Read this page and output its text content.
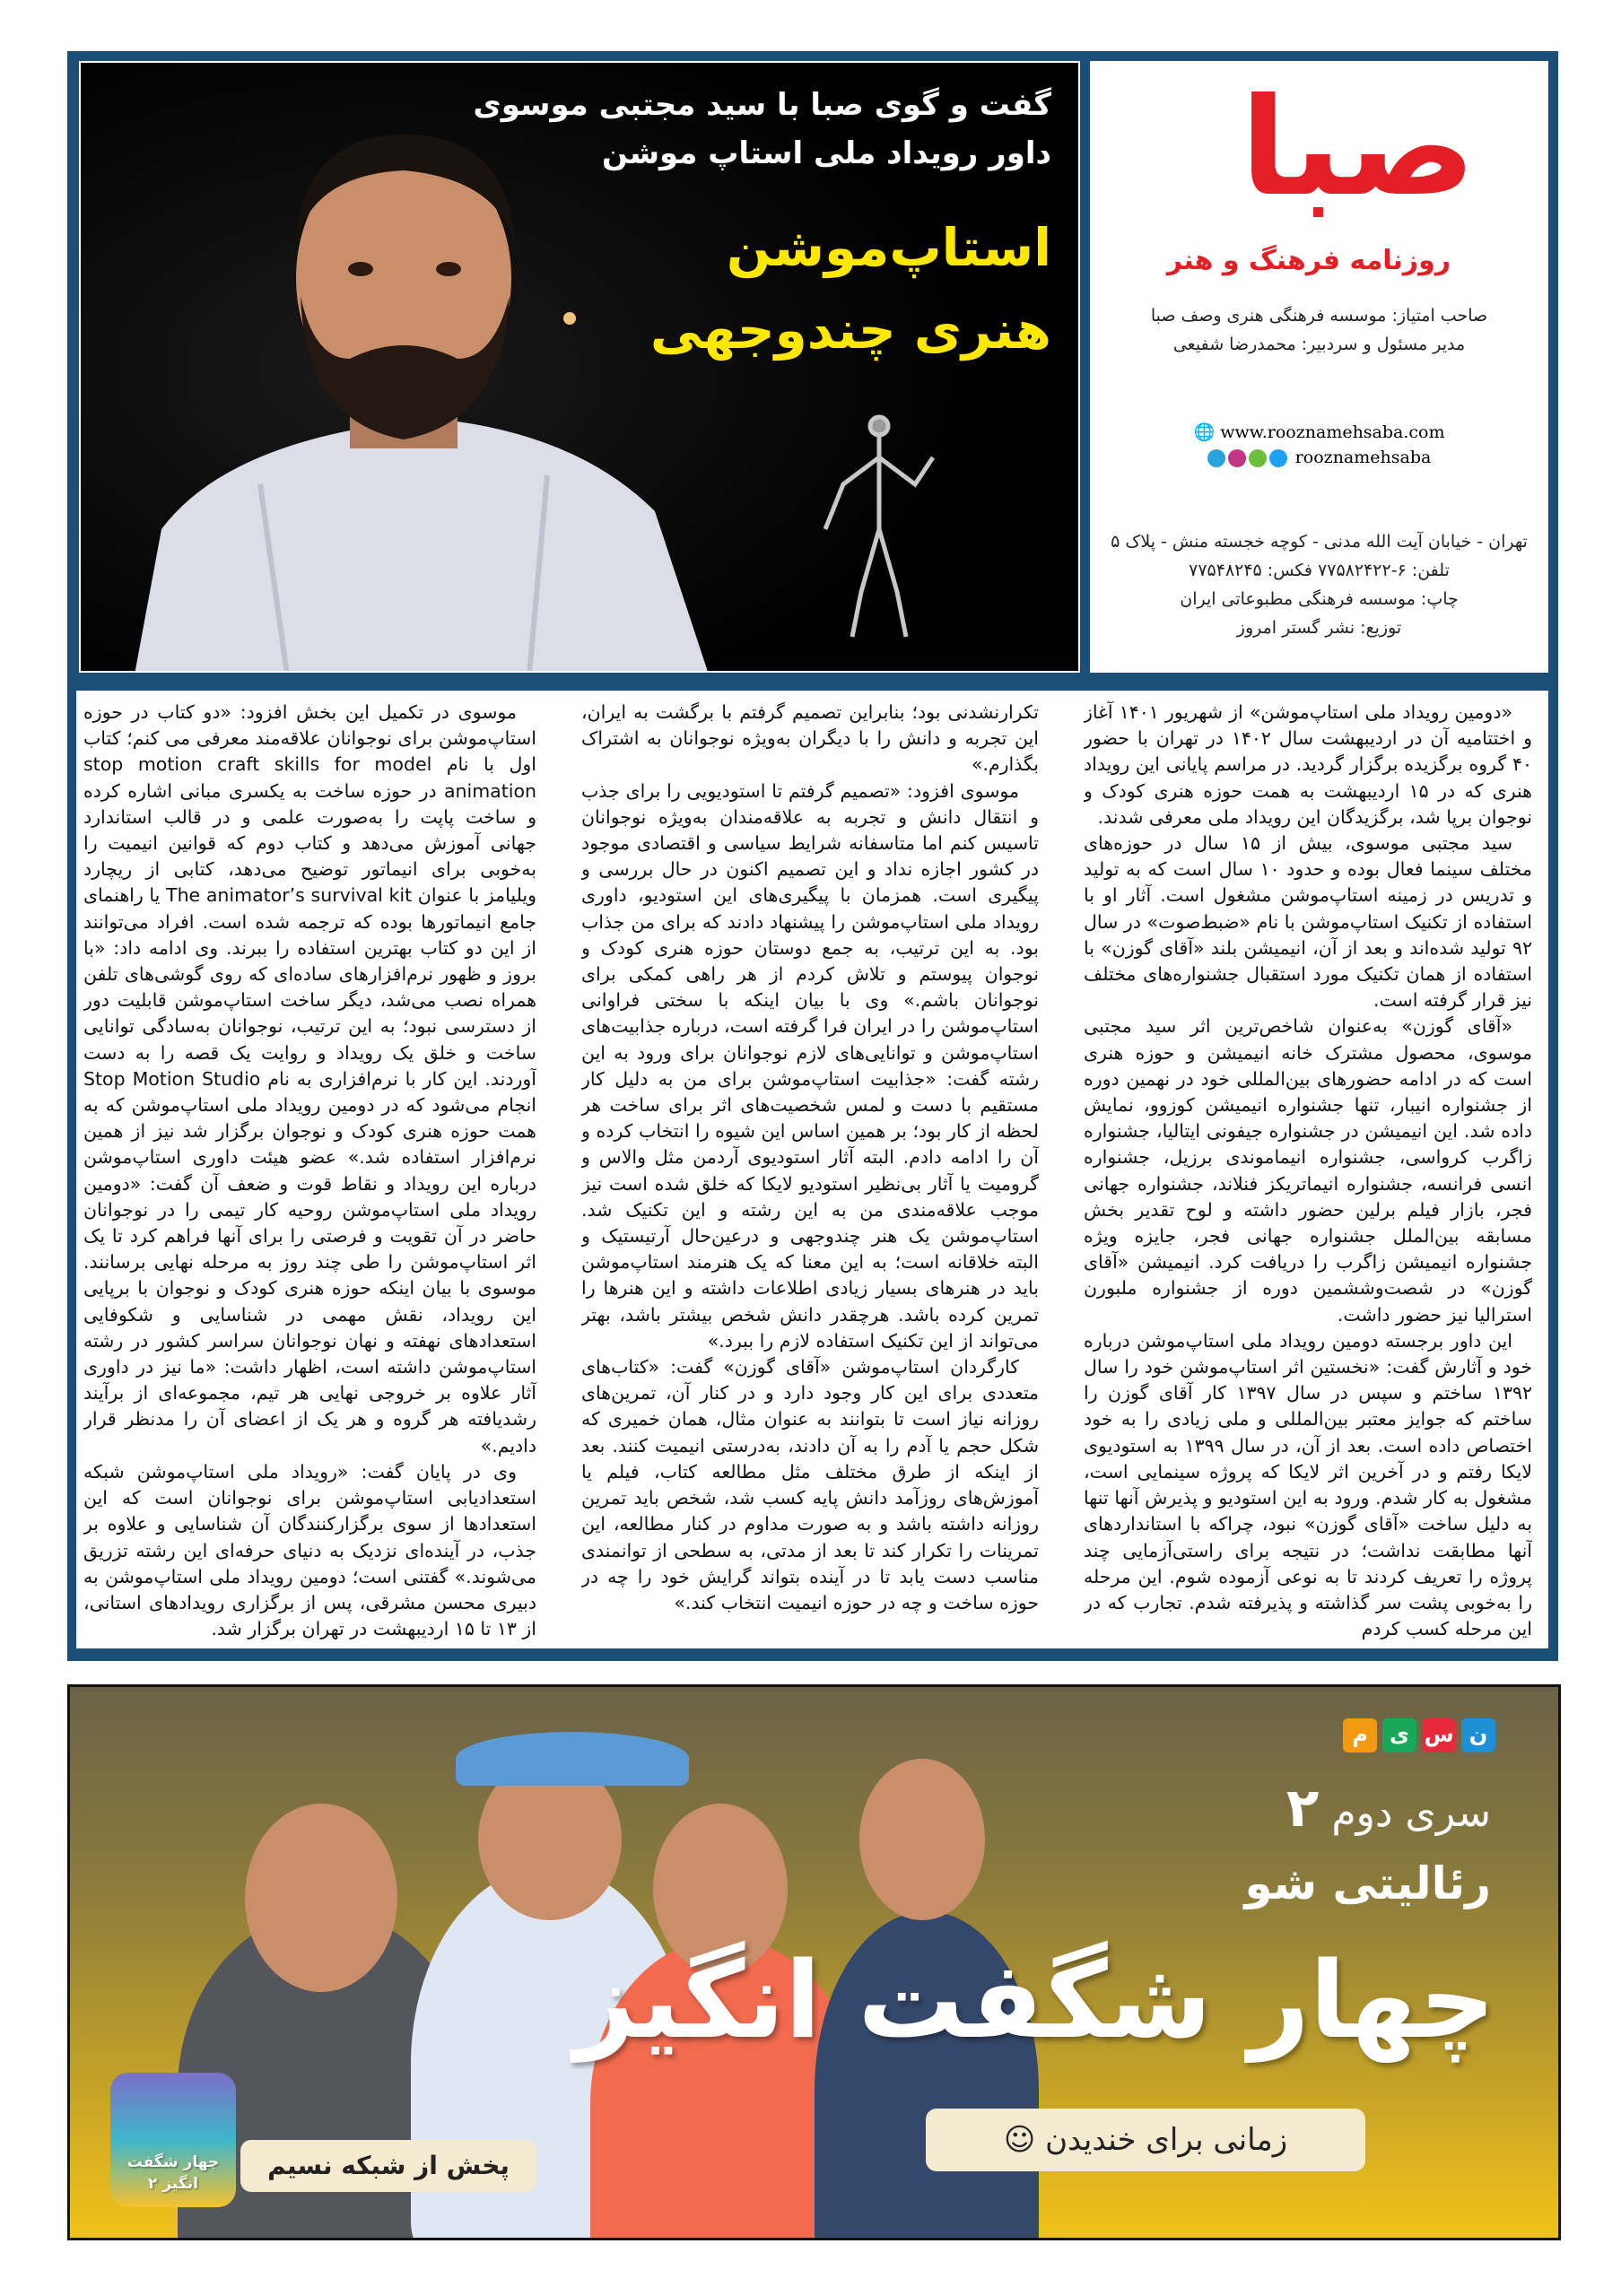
گفت و گوی صبا با سید مجتبی موسوی
داور رویداد ملی استاپ موشن
استاپ‌موشن
هنری چندوجهی
صبا
روزنامه فرهنگ و هنر
صاحب امتیاز: موسسه فرهنگی هنری وصف صبا
مدیر مسئول و سردبیر: محمدرضا شفیعی
🌐 www.rooznamehsaba.com
rooznamehsaba
تهران - خیابان آیت الله مدنی - کوچه خجسته منش - پلاک ۵
تلفن: ۶-۷۷۵۸۲۴۲۲ فکس: ۷۷۵۴۸۲۴۵
چاپ: موسسه فرهنگی مطبوعاتی ایران
توزیع: نشر گستر امروز

«دومین رویداد ملی استاپ‌موشن» از شهریور ۱۴۰۱ آغاز و اختتامیه آن در اردیبهشت سال ۱۴۰۲ در تهران با حضور ۴۰ گروه برگزیده برگزار گردید. در مراسم پایانی این رویداد هنری که در ۱۵ اردیبهشت به همت حوزه هنری کودک و نوجوان برپا شد، برگزیدگان این رویداد ملی معرفی شدند.

سید مجتبی موسوی، بیش از ۱۵ سال در حوزه‌های مختلف سینما فعال بوده و حدود ۱۰ سال است که به تولید و تدریس در زمینه استاپ‌موشن مشغول است. آثار او با استفاده از تکنیک استاپ‌موشن با نام «ضبط‌صوت» در سال ۹۲ تولید شده‌اند و بعد از آن، انیمیشن بلند «آقای گوزن» با استفاده از همان تکنیک مورد استقبال جشنواره‌های مختلف نیز قرار گرفته است.

«آقای گوزن» به‌عنوان شاخص‌ترین اثر سید مجتبی موسوی، محصول مشترک خانه انیمیشن و حوزه هنری است که در ادامه حضورهای بین‌المللی خود در نهمین دوره از جشنواره انیبار، تنها جشنواره انیمیشن کوزوو، نمایش داده شد. این انیمیشن در جشنواره جیفونی ایتالیا، جشنواره زاگرب کرواسی، جشنواره انیماموندی برزیل، جشنواره انسی فرانسه، جشنواره انیماتریکز فنلاند، جشنواره جهانی فجر، بازار فیلم برلین حضور داشته و لوح تقدیر بخش مسابقه بین‌الملل جشنواره جهانی فجر، جایزه ویژه جشنواره انیمیشن زاگرب را دریافت کرد. انیمیشن «آقای گوزن» در شصت‌وششمین دوره از جشنواره ملبورن استرالیا نیز حضور داشت.

این داور برجسته دومین رویداد ملی استاپ‌موشن درباره خود و آثارش گفت: «نخستین اثر استاپ‌موشن خود را سال ۱۳۹۲ ساختم و سپس در سال ۱۳۹۷ کار آقای گوزن را ساختم که جوایز معتبر بین‌المللی و ملی زیادی را به خود اختصاص داده است. بعد از آن، در سال ۱۳۹۹ به استودیوی لایکا رفتم و در آخرین اثر لایکا که پروژه سینمایی است، مشغول به کار شدم. ورود به این استودیو و پذیرش آنها تنها به دلیل ساخت «آقای گوزن» نبود، چراکه با استانداردهای آنها مطابقت نداشت؛ در نتیجه برای راستی‌آزمایی چند پروژه را تعریف کردند تا به نوعی آزموده شوم. این مرحله را به‌خوبی پشت سر گذاشته و پذیرفته شدم. تجارب که در این مرحله کسب کردم

تکرارنشدنی بود؛ بنابراین تصمیم گرفتم با برگشت به ایران، این تجربه و دانش را با دیگران به‌ویژه نوجوانان به اشتراک بگذارم.»

موسوی افزود: «تصمیم گرفتم تا استودیویی را برای جذب و انتقال دانش و تجربه به علاقه‌مندان به‌ویژه نوجوانان تاسیس کنم اما متاسفانه شرایط سیاسی و اقتصادی موجود در کشور اجازه نداد و این تصمیم اکنون در حال بررسی و پیگیری است. همزمان با پیگیری‌های این استودیو، داوری رویداد ملی استاپ‌موشن را پیشنهاد دادند که برای من جذاب بود. به این ترتیب، به جمع دوستان حوزه هنری کودک و نوجوان پیوستم و تلاش کردم از هر راهی کمکی برای نوجوانان باشم.» وی با بیان اینکه با سختی فراوانی استاپ‌موشن را در ایران فرا گرفته است، درباره جذابیت‌های استاپ‌موشن و توانایی‌های لازم نوجوانان برای ورود به این رشته گفت: «جذابیت استاپ‌موشن برای من به دلیل کار مستقیم با دست و لمس شخصیت‌های اثر برای ساخت هر لحظه از کار بود؛ بر همین اساس این شیوه را انتخاب کرده و آن را ادامه دادم. البته آثار استودیوی آردمن مثل والاس و گرومیت یا آثار بی‌نظیر استودیو لایکا که خلق شده است نیز موجب علاقه‌مندی من به این رشته و این تکنیک شد. استاپ‌موشن یک هنر چندوجهی و درعین‌حال آرتیستیک و البته خلاقانه است؛ به این معنا که یک هنرمند استاپ‌موشن باید در هنرهای بسیار زیادی اطلاعات داشته و این هنرها را تمرین کرده باشد. هرچقدر دانش شخص بیشتر باشد، بهتر می‌تواند از این تکنیک استفاده لازم را ببرد.»

کارگردان استاپ‌موشن «آقای گوزن» گفت: «کتاب‌های متعددی برای این کار وجود دارد و در کنار آن، تمرین‌های روزانه نیاز است تا بتوانند به عنوان مثال، همان خمیری که شکل حجم یا آدم را به آن دادند، به‌درستی انیمیت کنند. بعد از اینکه از طرق مختلف مثل مطالعه کتاب، فیلم یا آموزش‌های روزآمد دانش پایه کسب شد، شخص باید تمرین روزانه داشته باشد و به صورت مداوم در کنار مطالعه، این تمرینات را تکرار کند تا بعد از مدتی، به سطحی از توانمندی مناسب دست یابد تا در آینده بتواند گرایش خود را چه در حوزه ساخت و چه در حوزه انیمیت انتخاب کند.»

موسوی در تکمیل این بخش افزود: «دو کتاب در حوزه استاپ‌موشن برای نوجوانان علاقه‌مند معرفی می کنم؛ کتاب اول با نام stop motion craft skills for model animation در حوزه ساخت به یکسری مبانی اشاره کرده و ساخت پاپت را به‌صورت علمی و در قالب استاندارد جهانی آموزش می‌دهد و کتاب دوم که قوانین انیمیت را به‌خوبی برای انیماتور توضیح می‌دهد، کتابی از ریچارد ویلیامز با عنوان The animator’s survival kit یا راهنمای جامع انیماتورها بوده که ترجمه شده است. افراد می‌توانند از این دو کتاب بهترین استفاده را ببرند. وی ادامه داد: «با بروز و ظهور نرم‌افزارهای ساده‌ای که روی گوشی‌های تلفن همراه نصب می‌شد، دیگر ساخت استاپ‌موشن قابلیت دور از دسترسی نبود؛ به این ترتیب، نوجوانان به‌سادگی توانایی ساخت و خلق یک رویداد و روایت یک قصه را به دست آوردند. این کار با نرم‌افزاری به نام Stop Motion Studio انجام می‌شود که در دومین رویداد ملی استاپ‌موشن که به همت حوزه هنری کودک و نوجوان برگزار شد نیز از همین نرم‌افزار استفاده شد.» عضو هیئت داوری استاپ‌موشن درباره این رویداد و نقاط قوت و ضعف آن گفت: «دومین رویداد ملی استاپ‌موشن روحیه کار تیمی را در نوجوانان حاضر در آن تقویت و فرصتی را برای آنها فراهم کرد تا یک اثر استاپ‌موشن را طی چند روز به مرحله نهایی برسانند. موسوی با بیان اینکه حوزه هنری کودک و نوجوان با برپایی این رویداد، نقش مهمی در شناسایی و شکوفایی استعدادهای نهفته و نهان نوجوانان سراسر کشور در رشته استاپ‌موشن داشته است، اظهار داشت: «ما نیز در داوری آثار علاوه بر خروجی نهایی هر تیم، مجموعه‌ای از برآیند رشدیافته هر گروه و هر یک از اعضای آن را مدنظر قرار دادیم.»

وی در پایان گفت: «رویداد ملی استاپ‌موشن شبکه استعدادیابی استاپ‌موشن برای نوجوانان است که این استعدادها از سوی برگزارکنندگان آن شناسایی و علاوه بر جذب، در آینده‌ای نزدیک به دنیای حرفه‌ای این رشته تزریق می‌شوند.» گفتنی است؛ دومین رویداد ملی استاپ‌موشن به دبیری محسن مشرقی، پس از برگزاری رویدادهای استانی، از ۱۳ تا ۱۵ اردیبهشت در تهران برگزار شد.

نسیم
سری دوم ۲
رئالیتی شو
چهار شگفت انگیز
زمانی برای خندیدن ☺
پخش از شبکه نسیم
چهار شگفت انگیز ۲
